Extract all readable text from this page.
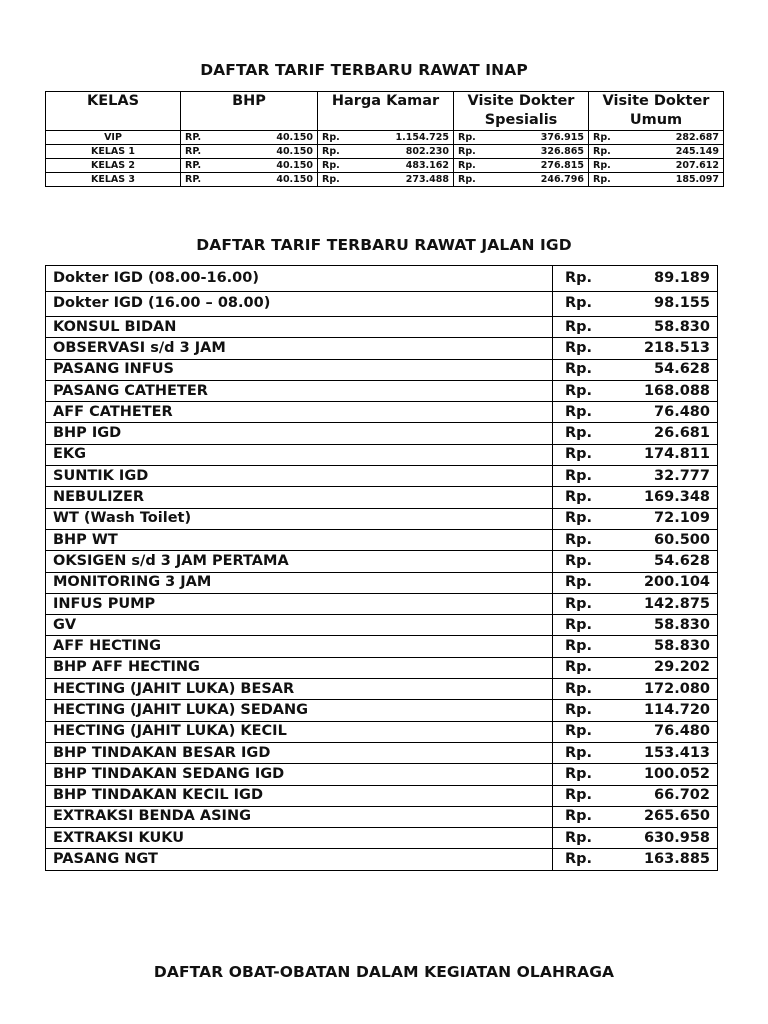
DAFTAR TARIF TERBARU RAWAT INAP
KELAS	BHP	Harga Kamar	Visite Dokter Spesialis	Visite Dokter Umum
VIP	RP. 40.150	Rp. 1.154.725	Rp. 376.915	Rp. 282.687

KELAS 1	RP. 40.150	Rp. 802.230	Rp. 326.865	Rp. 245.149

KELAS 2	RP. 40.150	Rp. 483.162	Rp. 276.815	Rp. 207.612

KELAS 3	RP. 40.150	Rp. 273.488	Rp. 246.796	Rp. 185.097
DAFTAR TARIF TERBARU RAWAT JALAN IGD
Dokter IGD (08.00-16.00)	Rp. 89.189

Dokter IGD (16.00 – 08.00)	Rp. 98.155

KONSUL BIDAN	Rp. 58.830

OBSERVASI s/d 3 JAM	Rp. 218.513

PASANG INFUS	Rp. 54.628

PASANG CATHETER	Rp. 168.088

AFF CATHETER	Rp. 76.480

BHP IGD	Rp. 26.681

EKG	Rp. 174.811

SUNTIK IGD	Rp. 32.777

NEBULIZER	Rp. 169.348

WT (Wash Toilet)	Rp. 72.109

BHP WT	Rp. 60.500

OKSIGEN s/d 3 JAM PERTAMA	Rp. 54.628

MONITORING 3 JAM	Rp. 200.104

INFUS PUMP	Rp. 142.875

GV	Rp. 58.830

AFF HECTING	Rp. 58.830

BHP AFF HECTING	Rp. 29.202

HECTING (JAHIT LUKA) BESAR	Rp. 172.080

HECTING (JAHIT LUKA) SEDANG	Rp. 114.720

HECTING (JAHIT LUKA) KECIL	Rp. 76.480

BHP TINDAKAN BESAR IGD	Rp. 153.413

BHP TINDAKAN SEDANG IGD	Rp. 100.052

BHP TINDAKAN KECIL IGD	Rp. 66.702

EXTRAKSI BENDA ASING	Rp. 265.650

EXTRAKSI KUKU	Rp. 630.958

PASANG NGT	Rp. 163.885
DAFTAR OBAT-OBATAN DALAM KEGIATAN OLAHRAGA
